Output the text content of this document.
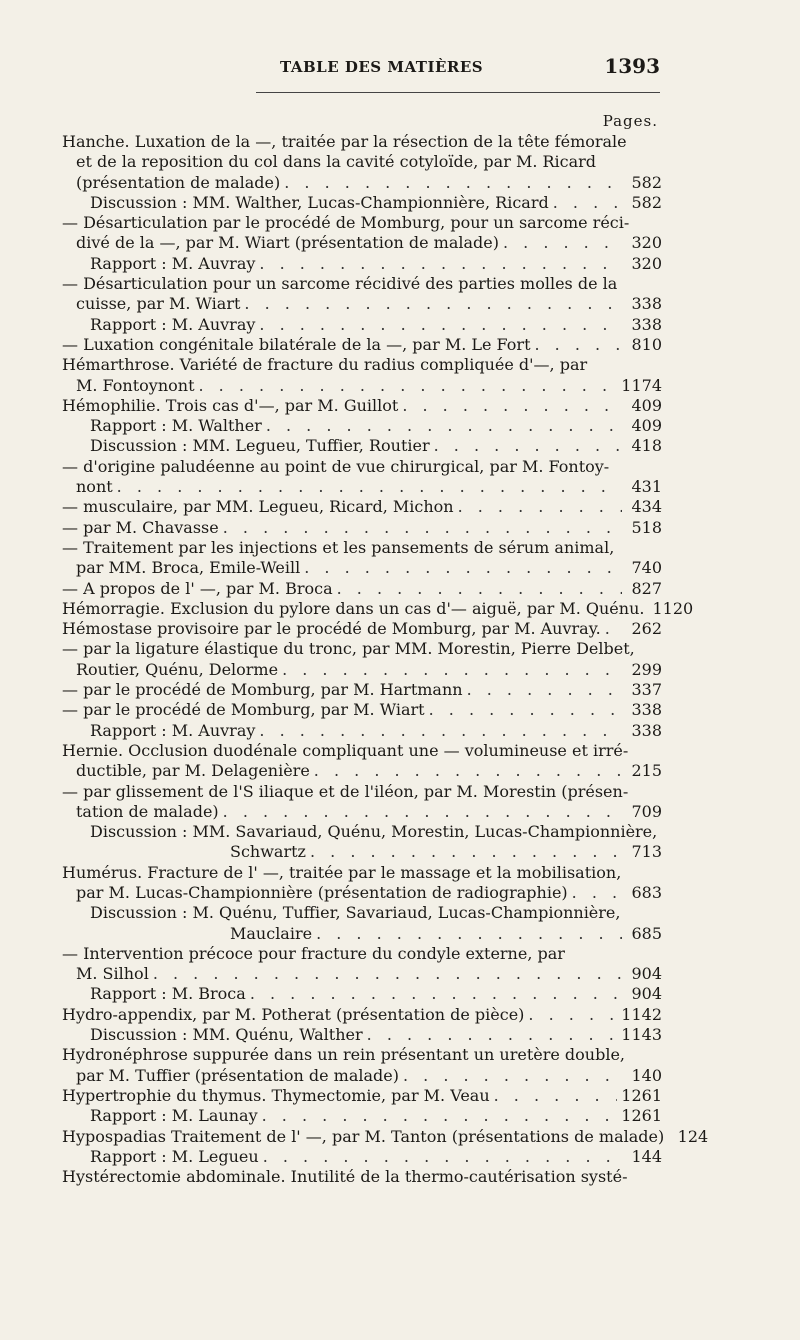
TABLE DES MATIÈRES	1393
Pages.
Hanche. Luxation de la —, traitée par la résection de la tête fémorale
et de la reposition du col dans la cavité cotyloïde, par M. Ricard
(présentation de malade) . . .	582
Discussion : MM. Walther, Lucas-Championnière, Ricard . . .	582
— Désarticulation par le procédé de Momburg, pour un sarcome réci-
divé de la —, par M. Wiart (présentation de malade) . . .	320
Rapport : M. Auvray . . .	320
— Désarticulation pour un sarcome récidivé des parties molles de la
cuisse, par M. Wiart . . .	338
Rapport : M. Auvray . . .	338
— Luxation congénitale bilatérale de la —, par M. Le Fort . . .	810
Hémarthrose. Variété de fracture du radius compliquée d'—, par
M. Fontoynont . . .	1174
Hémophilie. Trois cas d'—, par M. Guillot . . .	409
Rapport : M. Walther . . .	409
Discussion : MM. Legueu, Tuffier, Routier . . .	418
— d'origine paludéenne au point de vue chirurgical, par M. Fontoy-
nont . . .	431
— musculaire, par MM. Legueu, Ricard, Michon . . .	434
— par M. Chavasse . . .	518
— Traitement par les injections et les pansements de sérum animal,
par MM. Broca, Emile-Weill . . .	740
— A propos de l' —, par M. Broca . . .	827
Hémorragie. Exclusion du pylore dans un cas d'— aiguë, par M. Quénu. 1120
Hémostase provisoire par le procédé de Momburg, par M. Auvray. . . .	262
— par la ligature élastique du tronc, par MM. Morestin, Pierre Delbet,
Routier, Quénu, Delorme . . .	299
— par le procédé de Momburg, par M. Hartmann . . .	337
— par le procédé de Momburg, par M. Wiart . . .	338
Rapport : M. Auvray . . .	338
Hernie. Occlusion duodénale compliquant une — volumineuse et irré-
ductible, par M. Delagenière . . .	215
— par glissement de l'S iliaque et de l'iléon, par M. Morestin (présen-
tation de malade) . . .	709
Discussion : MM. Savariaud, Quénu, Morestin, Lucas-Championnière,
Schwartz . . .	713
Humérus. Fracture de l' —, traitée par le massage et la mobilisation,
par M. Lucas-Championnière (présentation de radiographie) . . .	683
Discussion : M. Quénu, Tuffier, Savariaud, Lucas-Championnière,
Mauclaire . . .	685
— Intervention précoce pour fracture du condyle externe, par
M. Silhol . . .	904
Rapport : M. Broca . . .	904
Hydro-appendix, par M. Potherat (présentation de pièce) . . .	1142
Discussion : MM. Quénu, Walther . . .	1143
Hydronéphrose suppurée dans un rein présentant un uretère double,
par M. Tuffier (présentation de malade) . . .	140
Hypertrophie du thymus. Thymectomie, par M. Veau . . .	1261
Rapport : M. Launay . . .	1261
Hypospadias Traitement de l' —, par M. Tanton (présentations de malade) 124
Rapport : M. Legueu . . .	144
Hystérectomie abdominale. Inutilité de la thermo-cautérisation systé-
